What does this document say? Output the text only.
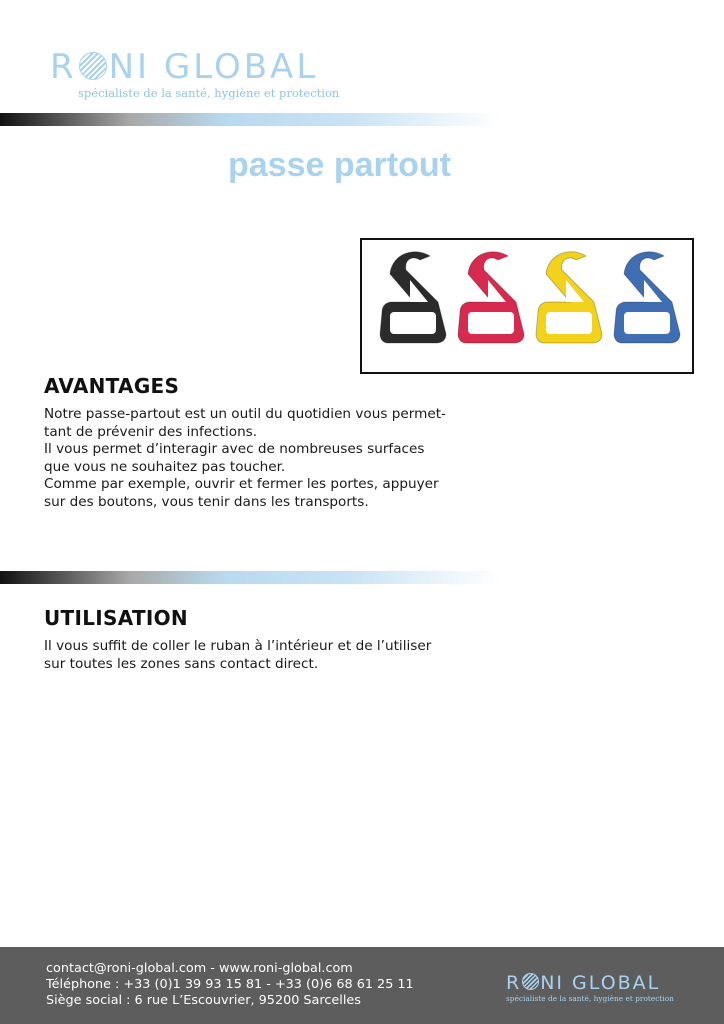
R NI GLOBAL
spécialiste de la santé, hygiène et protection
passe partout
AVANTAGES
Notre passe-partout est un outil du quotidien vous permet-
tant de prévenir des infections.
Il vous permet d’interagir avec de nombreuses surfaces
que vous ne souhaitez pas toucher.
Comme par exemple, ouvrir et fermer les portes, appuyer
sur des boutons, vous tenir dans les transports.
UTILISATION
Il vous suffit de coller le ruban à l’intérieur et de l’utiliser
sur toutes les zones sans contact direct.
contact@roni-global.com - www.roni-global.com
Téléphone : +33 (0)1 39 93 15 81 - +33 (0)6 68 61 25 11
Siège social : 6 rue L’Escouvrier, 95200 Sarcelles
R NI GLOBAL
spécialiste de la santé, hygiène et protection
